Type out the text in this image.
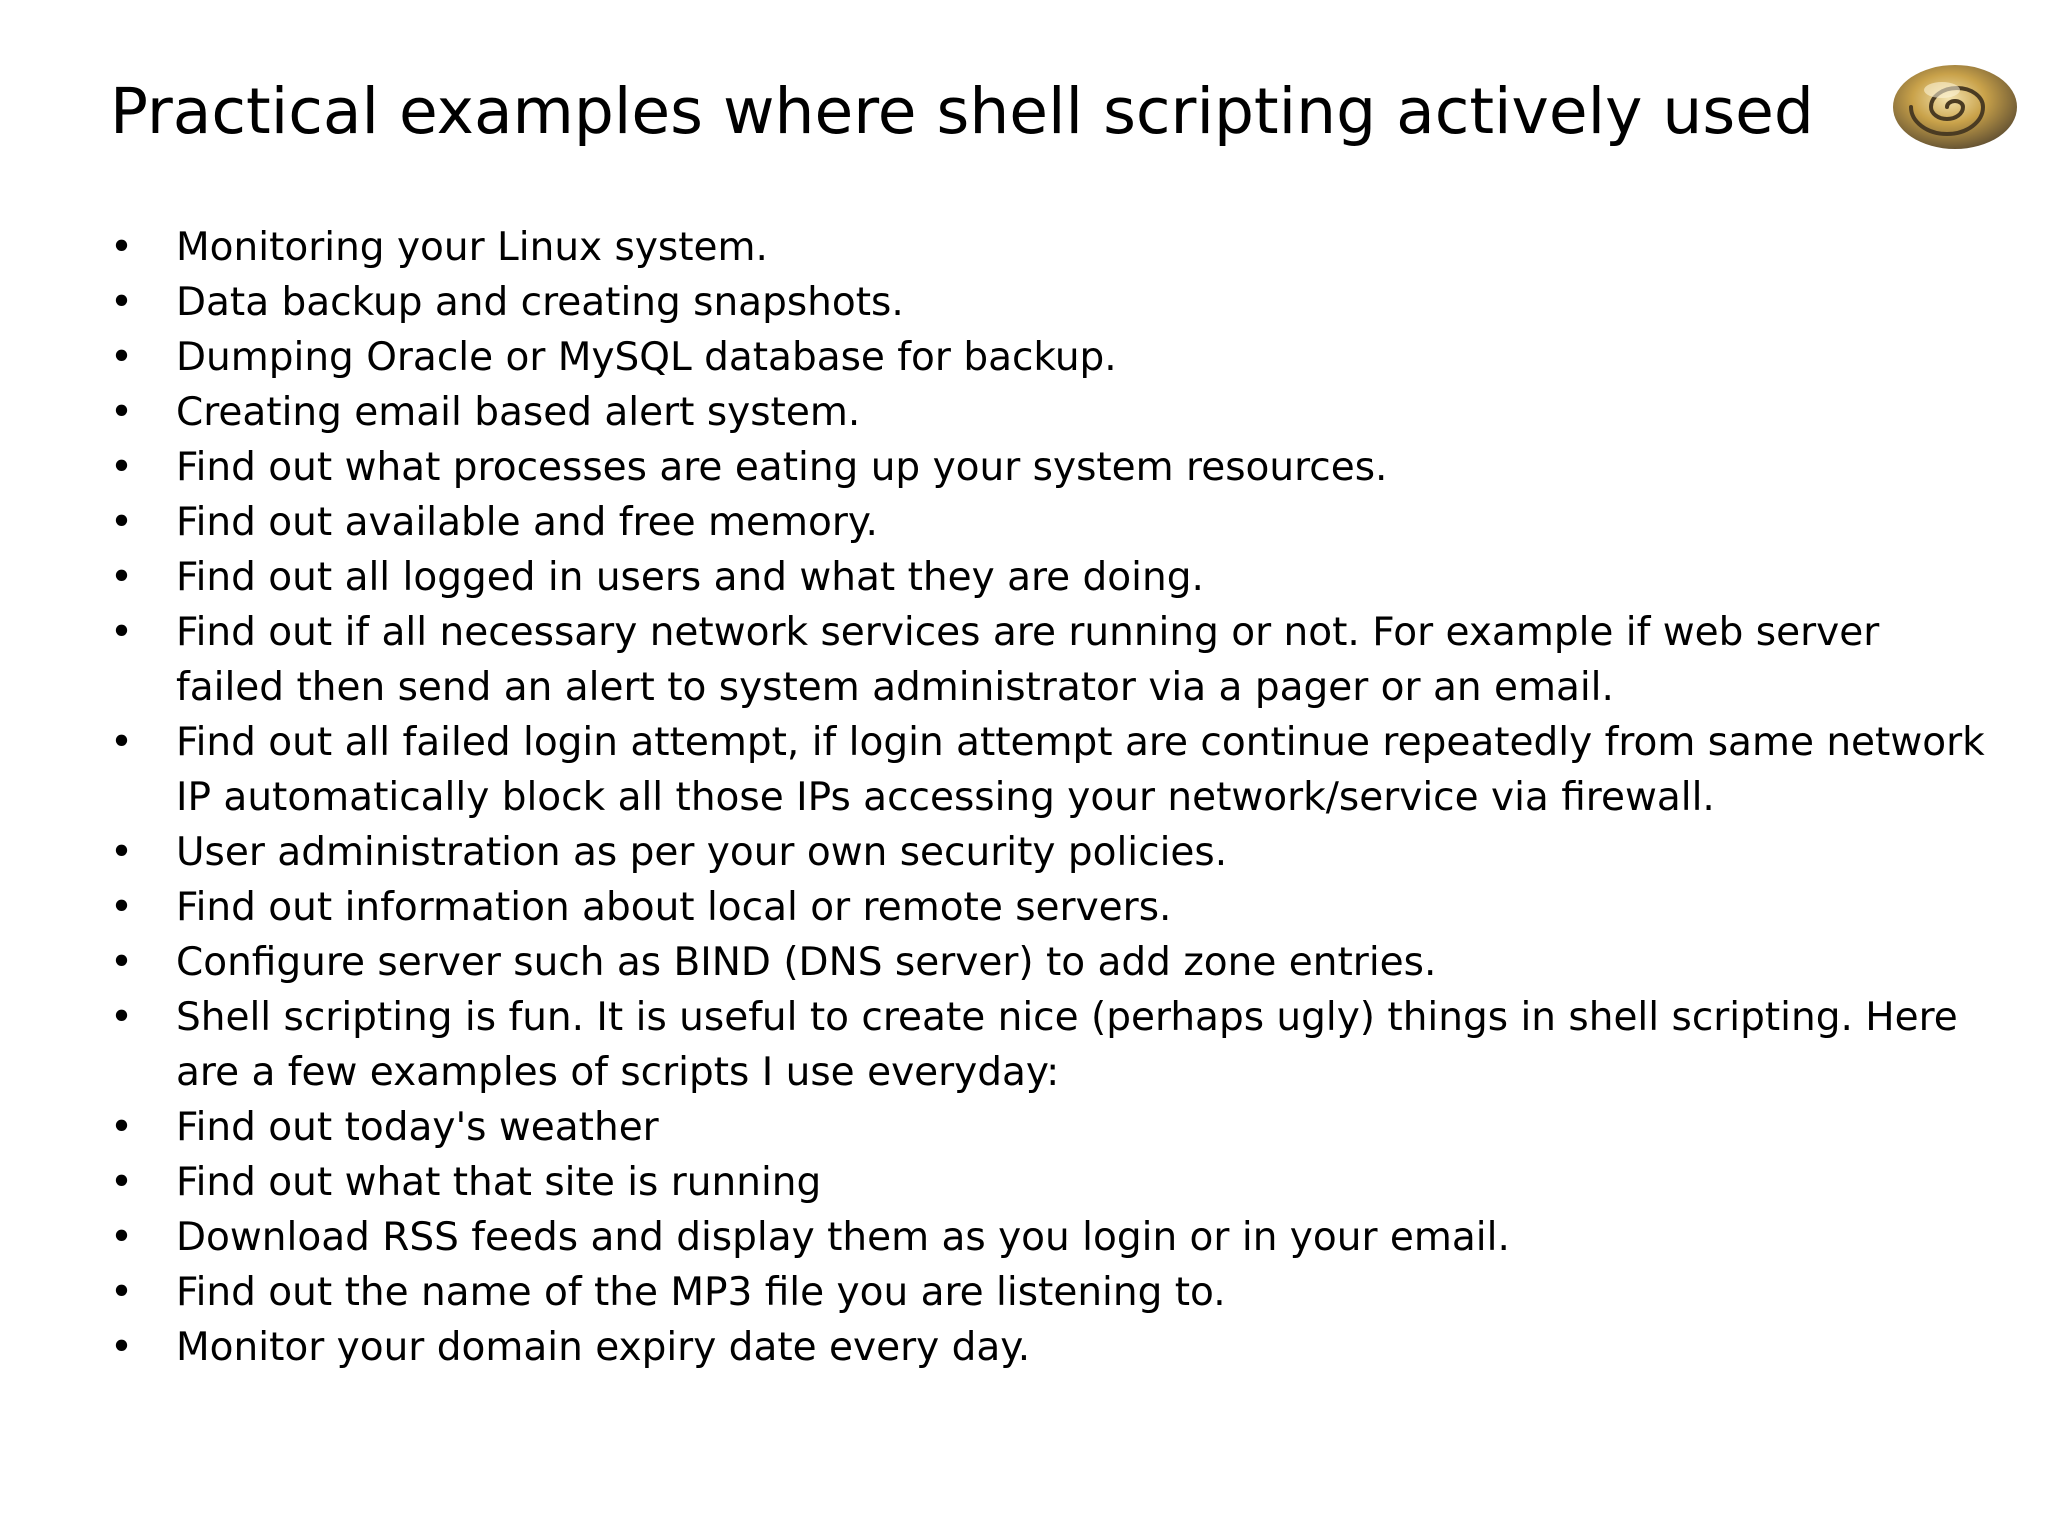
Practical examples where shell scripting actively used
• Monitoring your Linux system.
• Data backup and creating snapshots.
• Dumping Oracle or MySQL database for backup.
• Creating email based alert system.
• Find out what processes are eating up your system resources.
• Find out available and free memory.
• Find out all logged in users and what they are doing.
• Find out if all necessary network services are running or not. For example if web server failed then send an alert to system administrator via a pager or an email.
• Find out all failed login attempt, if login attempt are continue repeatedly from same network IP automatically block all those IPs accessing your network/service via firewall.
• User administration as per your own security policies.
• Find out information about local or remote servers.
• Configure server such as BIND (DNS server) to add zone entries.
• Shell scripting is fun. It is useful to create nice (perhaps ugly) things in shell scripting. Here are a few examples of scripts I use everyday:
• Find out today's weather
• Find out what that site is running
• Download RSS feeds and display them as you login or in your email.
• Find out the name of the MP3 file you are listening to.
• Monitor your domain expiry date every day.
